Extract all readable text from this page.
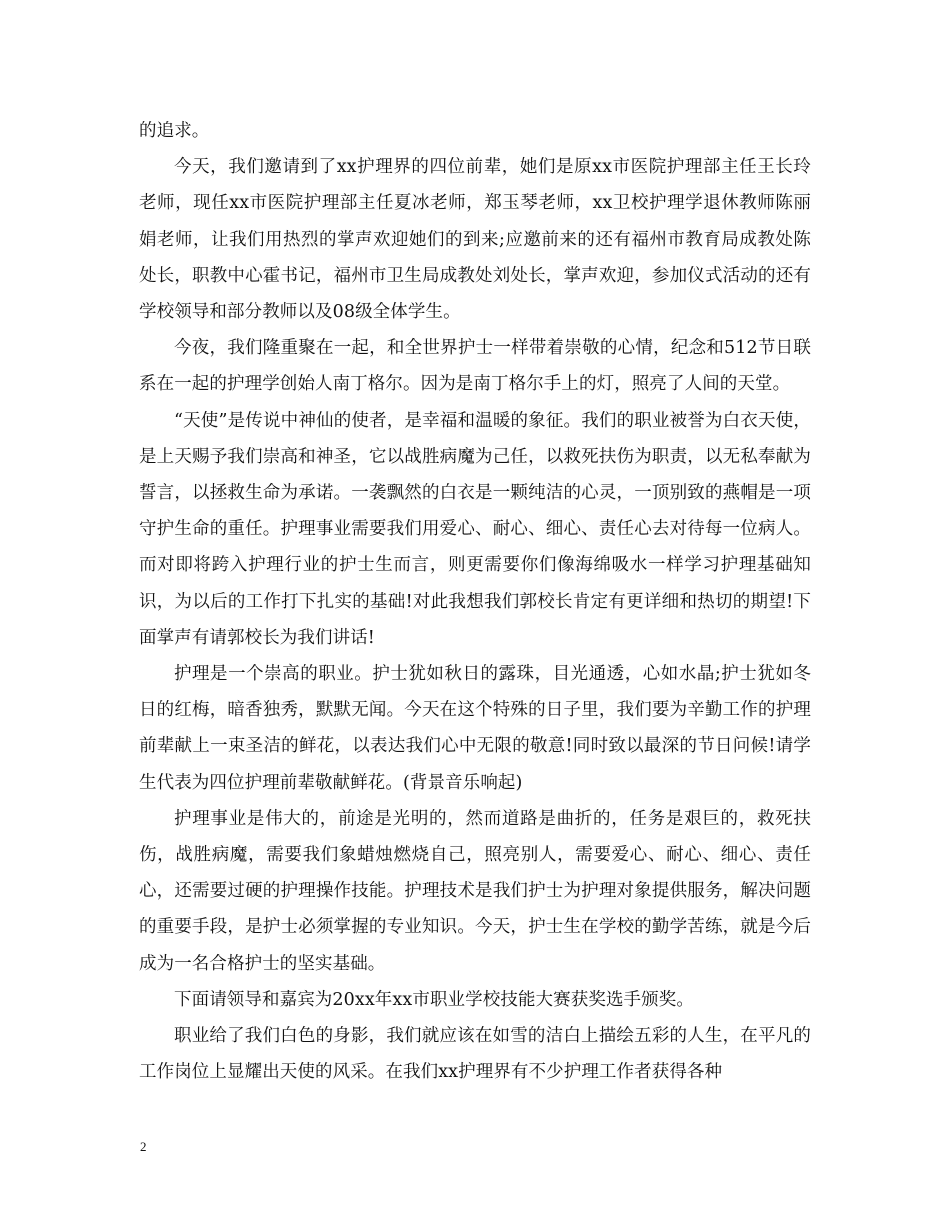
的追求。

今天，我们邀请到了xx护理界的四位前辈，她们是原xx市医院护理部主任王长玲老师，现任xx市医院护理部主任夏冰老师，郑玉琴老师，xx卫校护理学退休教师陈丽娟老师，让我们用热烈的掌声欢迎她们的到来;应邀前来的还有福州市教育局成教处陈处长，职教中心霍书记，福州市卫生局成教处刘处长，掌声欢迎，参加仪式活动的还有学校领导和部分教师以及08级全体学生。

今夜，我们隆重聚在一起，和全世界护士一样带着崇敬的心情，纪念和512节日联系在一起的护理学创始人南丁格尔。因为是南丁格尔手上的灯，照亮了人间的天堂。

“天使”是传说中神仙的使者，是幸福和温暖的象征。我们的职业被誉为白衣天使，是上天赐予我们崇高和神圣，它以战胜病魔为己任，以救死扶伤为职责，以无私奉献为誓言，以拯救生命为承诺。一袭飘然的白衣是一颗纯洁的心灵，一顶别致的燕帽是一项守护生命的重任。护理事业需要我们用爱心、耐心、细心、责任心去对待每一位病人。而对即将跨入护理行业的护士生而言，则更需要你们像海绵吸水一样学习护理基础知识，为以后的工作打下扎实的基础!对此我想我们郭校长肯定有更详细和热切的期望!下面掌声有请郭校长为我们讲话!

护理是一个崇高的职业。护士犹如秋日的露珠，目光通透，心如水晶;护士犹如冬日的红梅，暗香独秀，默默无闻。今天在这个特殊的日子里，我们要为辛勤工作的护理前辈献上一束圣洁的鲜花，以表达我们心中无限的敬意!同时致以最深的节日问候!请学生代表为四位护理前辈敬献鲜花。(背景音乐响起)

护理事业是伟大的，前途是光明的，然而道路是曲折的，任务是艰巨的，救死扶伤，战胜病魔，需要我们象蜡烛燃烧自己，照亮别人，需要爱心、耐心、细心、责任心，还需要过硬的护理操作技能。护理技术是我们护士为护理对象提供服务，解决问题的重要手段，是护士必须掌握的专业知识。今天，护士生在学校的勤学苦练，就是今后成为一名合格护士的坚实基础。

下面请领导和嘉宾为20xx年xx市职业学校技能大赛获奖选手颁奖。

职业给了我们白色的身影，我们就应该在如雪的洁白上描绘五彩的人生，在平凡的工作岗位上显耀出天使的风采。在我们xx护理界有不少护理工作者获得各种

2
